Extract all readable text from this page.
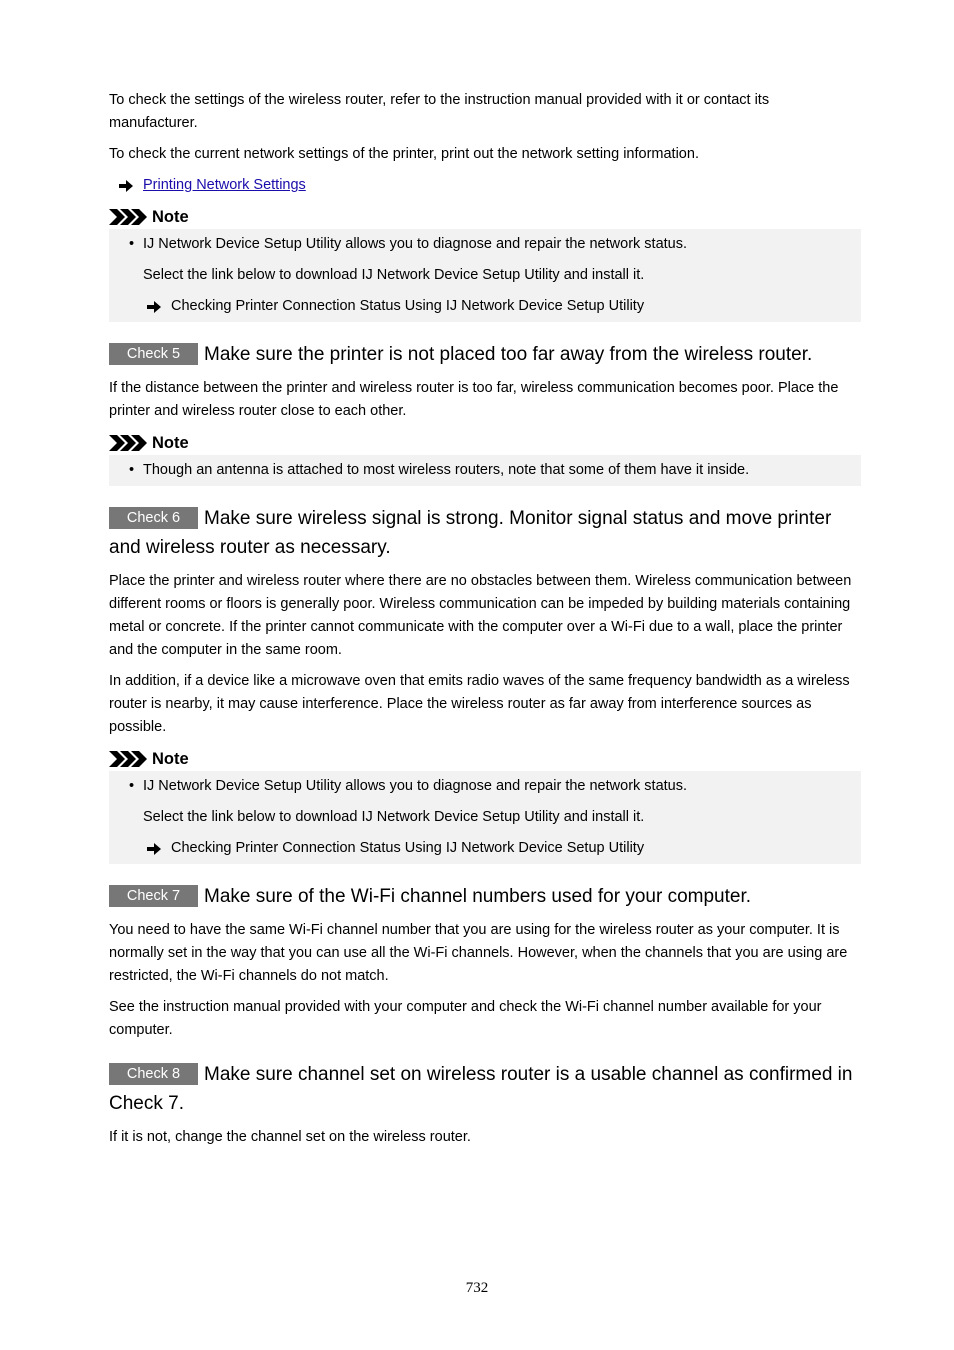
To check the settings of the wireless router, refer to the instruction manual provided with it or contact its manufacturer.

To check the current network settings of the printer, print out the network setting information.

Printing Network Settings
Note
• IJ Network Device Setup Utility allows you to diagnose and repair the network status.
Select the link below to download IJ Network Device Setup Utility and install it.
Checking Printer Connection Status Using IJ Network Device Setup Utility
Check 5 Make sure the printer is not placed too far away from the wireless router.

If the distance between the printer and wireless router is too far, wireless communication becomes poor. Place the printer and wireless router close to each other.

Note
• Though an antenna is attached to most wireless routers, note that some of them have it inside.
Check 6 Make sure wireless signal is strong. Monitor signal status and move printer and wireless router as necessary.

Place the printer and wireless router where there are no obstacles between them. Wireless communication between different rooms or floors is generally poor. Wireless communication can be impeded by building materials containing metal or concrete. If the printer cannot communicate with the computer over a Wi-Fi due to a wall, place the printer and the computer in the same room.

In addition, if a device like a microwave oven that emits radio waves of the same frequency bandwidth as a wireless router is nearby, it may cause interference. Place the wireless router as far away from interference sources as possible.

Note
• IJ Network Device Setup Utility allows you to diagnose and repair the network status.
Select the link below to download IJ Network Device Setup Utility and install it.
Checking Printer Connection Status Using IJ Network Device Setup Utility
Check 7 Make sure of the Wi-Fi channel numbers used for your computer.

You need to have the same Wi-Fi channel number that you are using for the wireless router as your computer. It is normally set in the way that you can use all the Wi-Fi channels. However, when the channels that you are using are restricted, the Wi-Fi channels do not match.

See the instruction manual provided with your computer and check the Wi-Fi channel number available for your computer.

Check 8 Make sure channel set on wireless router is a usable channel as confirmed in Check 7.

If it is not, change the channel set on the wireless router.

732
